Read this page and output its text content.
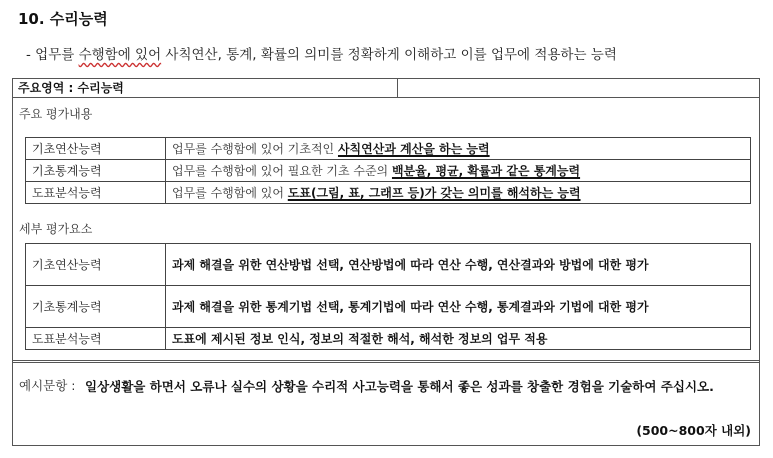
10. 수리능력
- 업무를 수행함에 있어 사칙연산, 통계, 확률의 의미를 정확하게 이해하고 이를 업무에 적용하는 능력
주요영역 : 수리능력
주요 평가내용
기초연산능력	업무를 수행함에 있어 기초적인 사칙연산과 계산을 하는 능력
기초통계능력	업무를 수행함에 있어 필요한 기초 수준의 백분율, 평균, 확률과 같은 통계능력
도표분석능력	업무를 수행함에 있어 도표(그림, 표, 그래프 등)가 갖는 의미를 해석하는 능력
세부 평가요소
기초연산능력	과제 해결을 위한 연산방법 선택, 연산방법에 따라 연산 수행, 연산결과와 방법에 대한 평가
기초통계능력	과제 해결을 위한 통계기법 선택, 통계기법에 따라 연산 수행, 통계결과와 기법에 대한 평가
도표분석능력	도표에 제시된 정보 인식, 정보의 적절한 해석, 해석한 정보의 업무 적용
예시문항 : 일상생활을 하면서 오류나 실수의 상황을 수리적 사고능력을 통해서 좋은 성과를 창출한 경험을 기술하여 주십시오.
(500~800자 내외)
